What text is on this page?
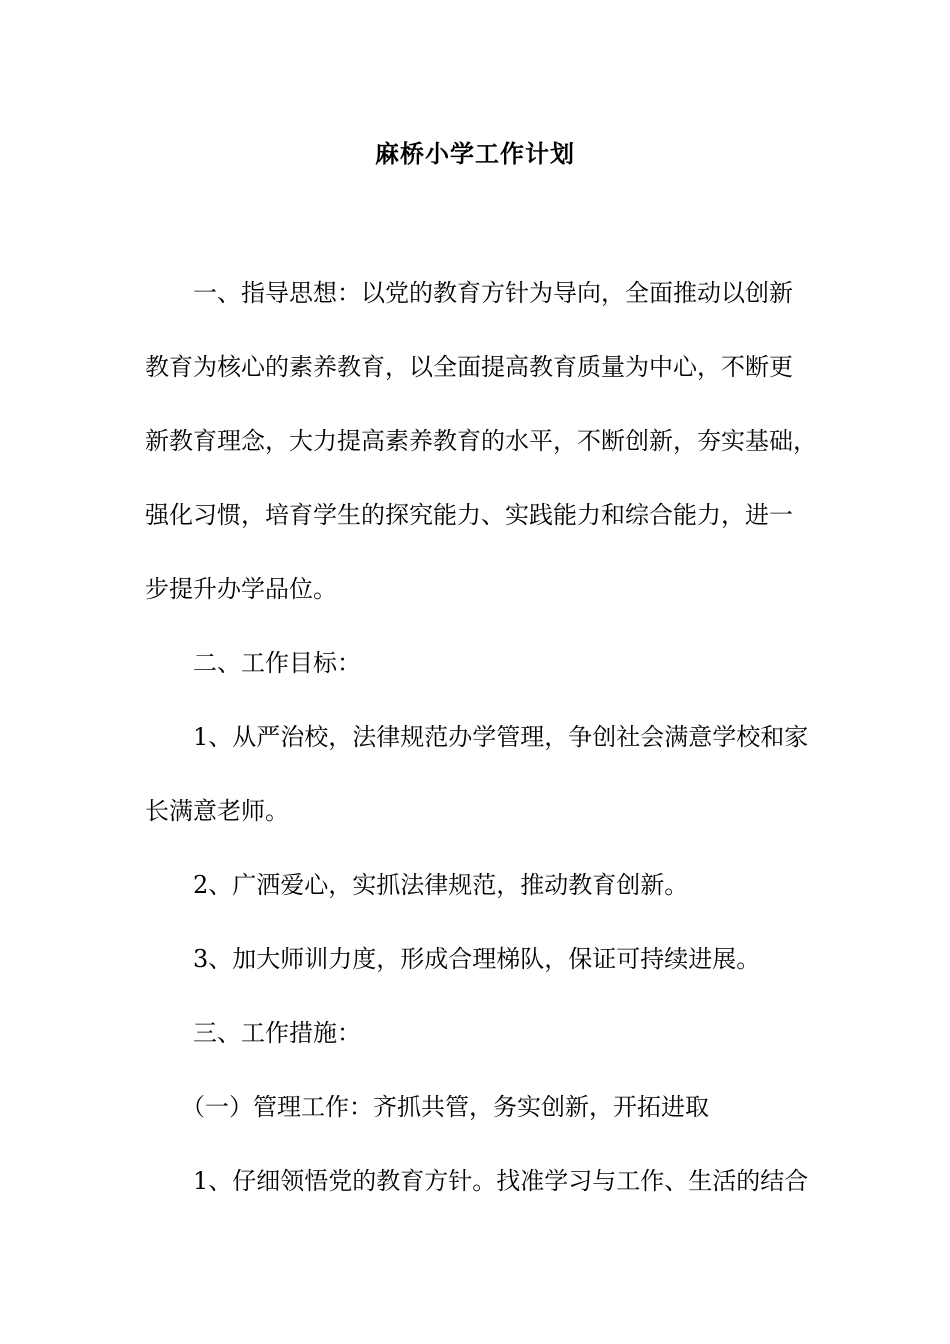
麻桥小学工作计划

一、指导思想：以党的教育方针为导向，全面推动以创新

教育为核心的素养教育，以全面提高教育质量为中心，不断更

新教育理念，大力提高素养教育的水平，不断创新，夯实基础，

强化习惯，培育学生的探究能力、实践能力和综合能力，进一

步提升办学品位。

二、工作目标：

1、从严治校，法律规范办学管理，争创社会满意学校和家

长满意老师。

2、广洒爱心，实抓法律规范，推动教育创新。

3、加大师训力度，形成合理梯队，保证可持续进展。

三、工作措施：

（一）管理工作：齐抓共管，务实创新，开拓进取

1、仔细领悟党的教育方针。找准学习与工作、生活的结合
